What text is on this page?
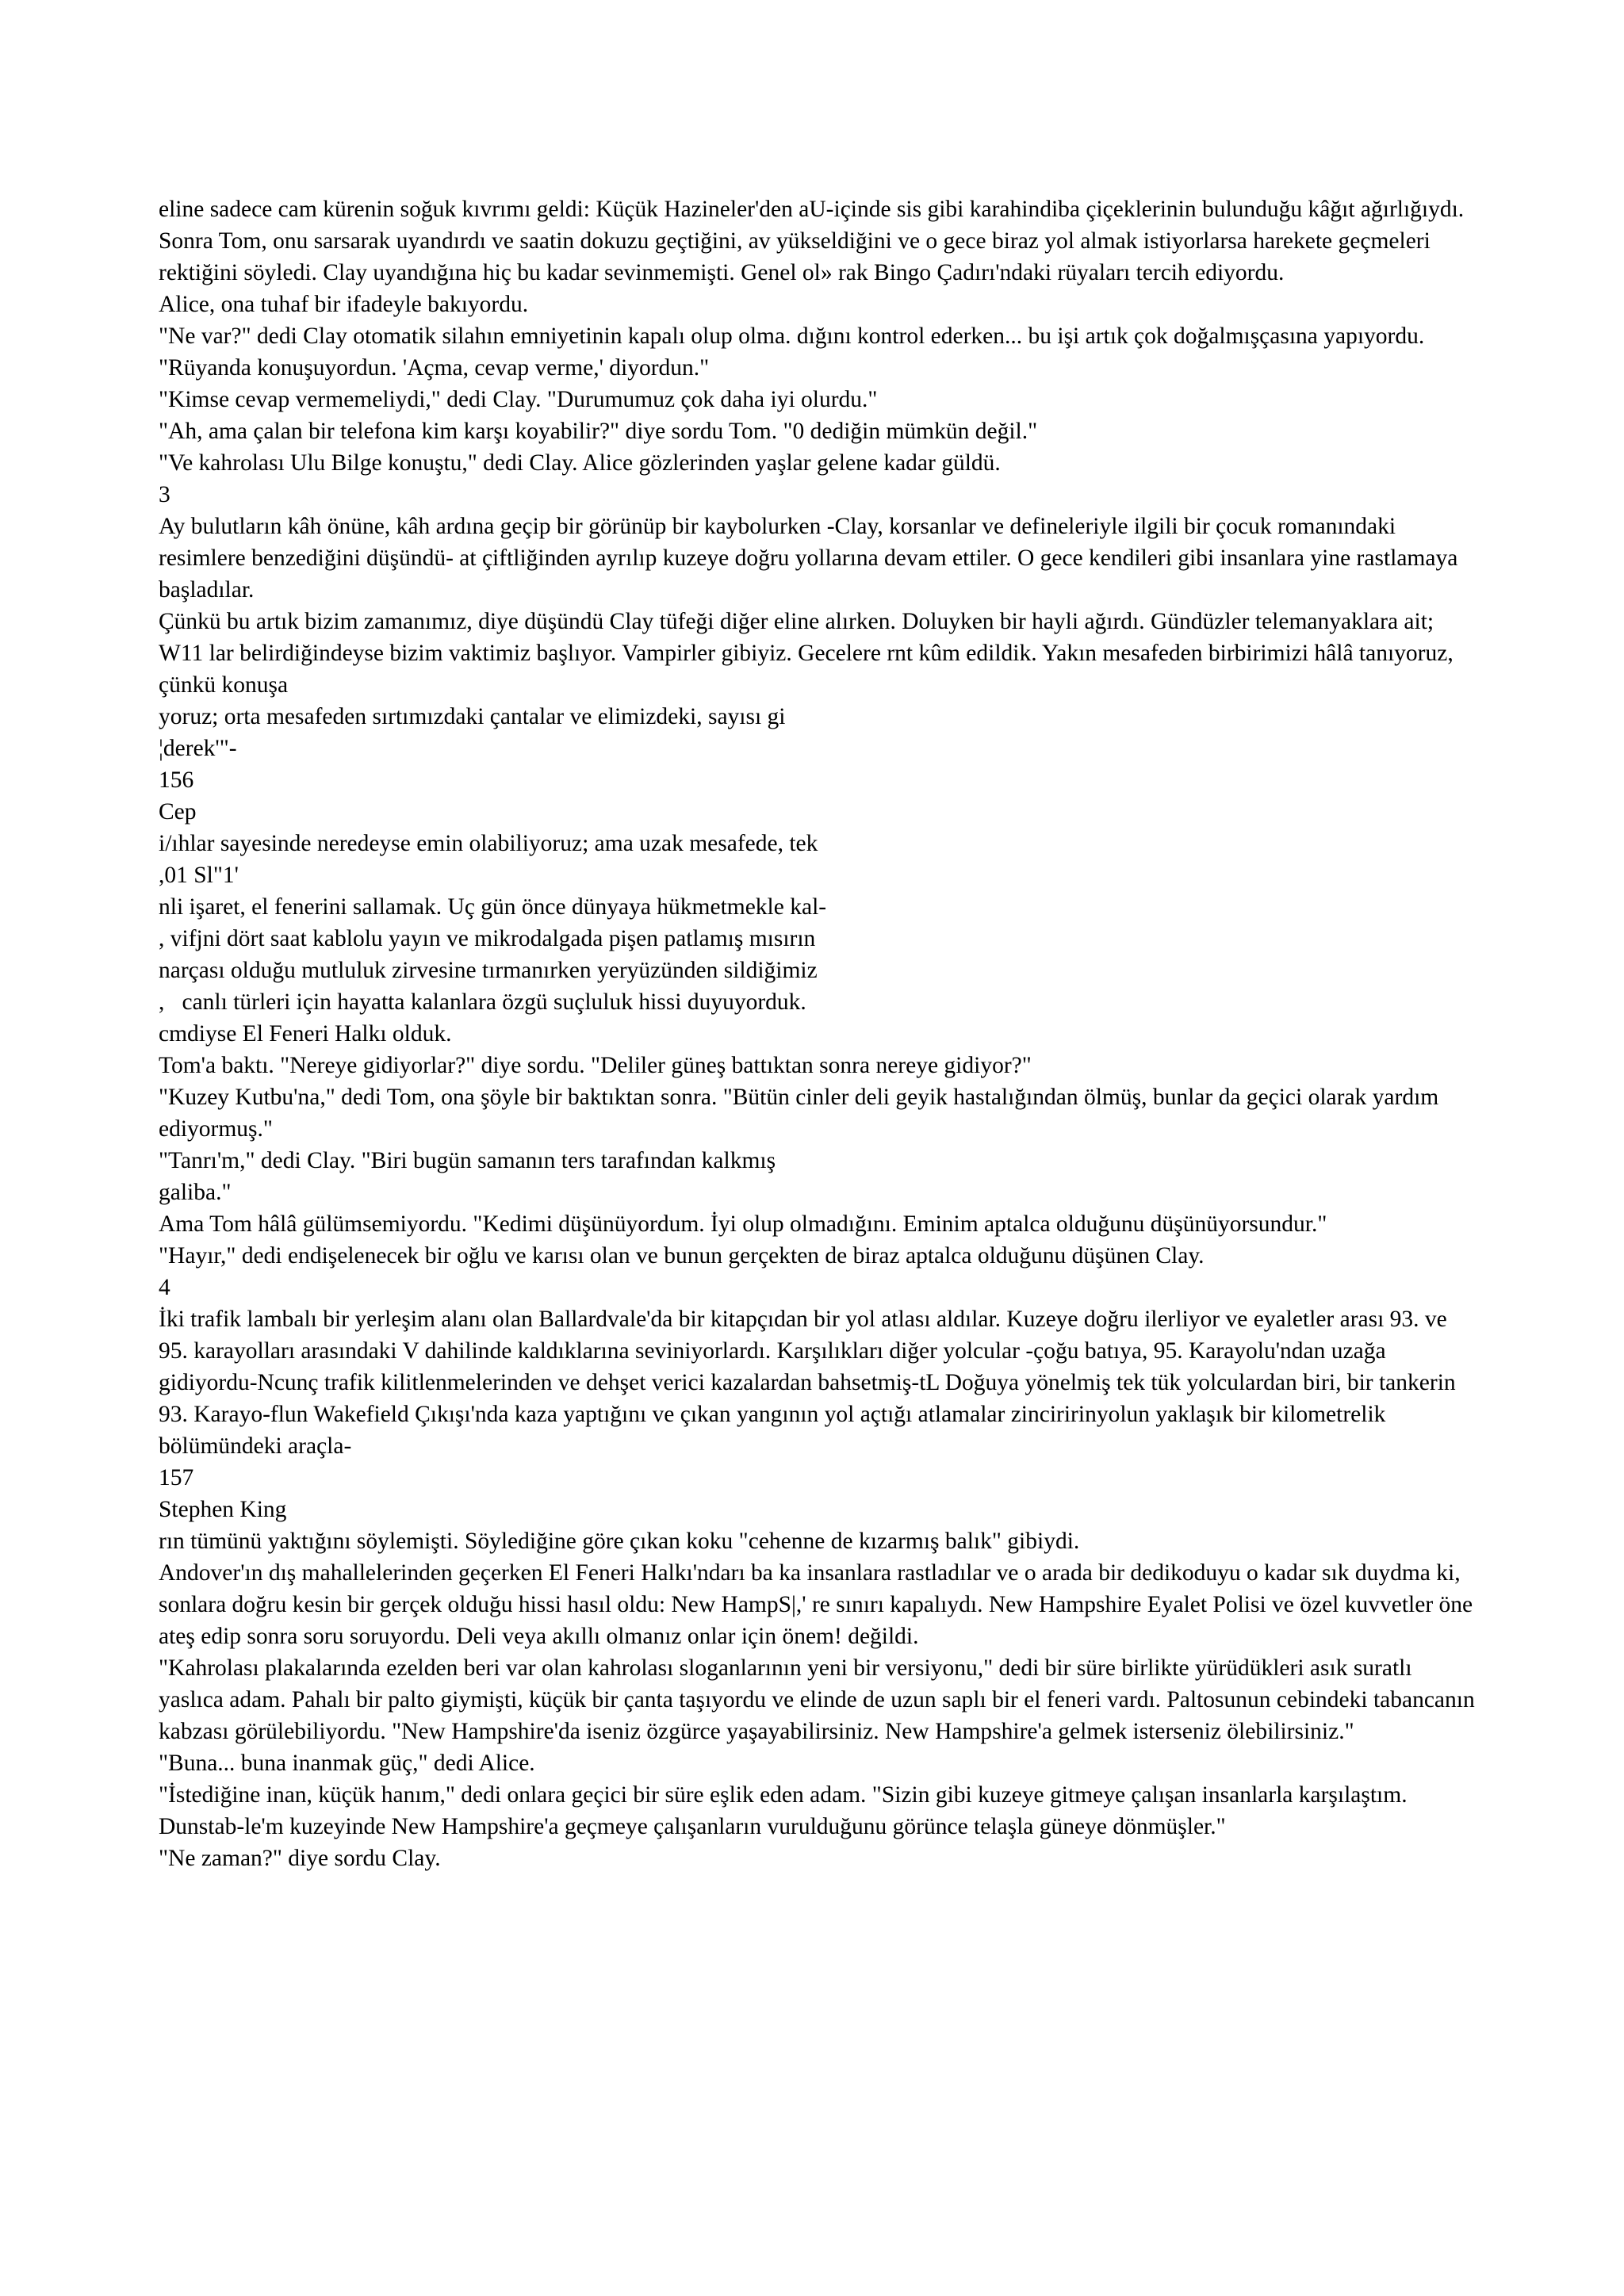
eline sadece cam kürenin soğuk kıvrımı geldi: Küçük Hazineler'den aU-içinde sis gibi karahindiba çiçeklerinin bulunduğu kâğıt ağırlığıydı.

Sonra Tom, onu sarsarak uyandırdı ve saatin dokuzu geçtiğini, av yükseldiğini ve o gece biraz yol almak istiyorlarsa harekete geçmeleri rektiğini söyledi. Clay uyandığına hiç bu kadar sevinmemişti. Genel ol» rak Bingo Çadırı'ndaki rüyaları tercih ediyordu.

Alice, ona tuhaf bir ifadeyle bakıyordu.

"Ne var?" dedi Clay otomatik silahın emniyetinin kapalı olup olma. dığını kontrol ederken... bu işi artık çok doğalmışçasına yapıyordu.

"Rüyanda konuşuyordun. 'Açma, cevap verme,' diyordun."

"Kimse cevap vermemeliydi," dedi Clay. "Durumumuz çok daha iyi olurdu."

"Ah, ama çalan bir telefona kim karşı koyabilir?" diye sordu Tom. "0 dediğin mümkün değil."

"Ve kahrolası Ulu Bilge konuştu," dedi Clay. Alice gözlerinden yaşlar gelene kadar güldü.

3

Ay bulutların kâh önüne, kâh ardına geçip bir görünüp bir kaybolurken -Clay, korsanlar ve defineleriyle ilgili bir çocuk romanındaki resimlere benzediğini düşündü- at çiftliğinden ayrılıp kuzeye doğru yollarına devam ettiler. O gece kendileri gibi insanlara yine rastlamaya başladılar.

Çünkü bu artık bizim zamanımız, diye düşündü Clay tüfeği diğer eline alırken. Doluyken bir hayli ağırdı. Gündüzler telemanyaklara ait; W11 lar belirdiğindeyse bizim vaktimiz başlıyor. Vampirler gibiyiz. Gecelere rnt kûm edildik. Yakın mesafeden birbirimizi hâlâ tanıyoruz, çünkü konuşa

yoruz; orta mesafeden sırtımızdaki çantalar ve elimizdeki, sayısı gi

¦derek'"-

156

Cep

i/ıhlar sayesinde neredeyse emin olabiliyoruz; ama uzak mesafede, tek

,01 Sl"1'

nli işaret, el fenerini sallamak. Uç gün önce dünyaya hükmetmekle kal-

, vifjni dört saat kablolu yayın ve mikrodalgada pişen patlamış mısırın

narçası olduğu mutluluk zirvesine tırmanırken yeryüzünden sildiğimiz

,   canlı türleri için hayatta kalanlara özgü suçluluk hissi duyuyorduk.

cmdiyse El Feneri Halkı olduk.

Tom'a baktı. "Nereye gidiyorlar?" diye sordu. "Deliler güneş battıktan sonra nereye gidiyor?"

"Kuzey Kutbu'na," dedi Tom, ona şöyle bir baktıktan sonra. "Bütün cinler deli geyik hastalığından ölmüş, bunlar da geçici olarak yardım ediyormuş."

"Tanrı'm," dedi Clay. "Biri bugün samanın ters tarafından kalkmış

galiba."

Ama Tom hâlâ gülümsemiyordu. "Kedimi düşünüyordum. İyi olup olmadığını. Eminim aptalca olduğunu düşünüyorsundur."

"Hayır," dedi endişelenecek bir oğlu ve karısı olan ve bunun gerçekten de biraz aptalca olduğunu düşünen Clay.

4

İki trafik lambalı bir yerleşim alanı olan Ballardvale'da bir kitapçıdan bir yol atlası aldılar. Kuzeye doğru ilerliyor ve eyaletler arası 93. ve 95. karayolları arasındaki V dahilinde kaldıklarına seviniyorlardı. Karşılıkları diğer yolcular -çoğu batıya, 95. Karayolu'ndan uzağa gidiyordu-Ncunç trafik kilitlenmelerinden ve dehşet verici kazalardan bahsetmiş-tL Doğuya yönelmiş tek tük yolculardan biri, bir tankerin 93. Karayo-flun Wakefield Çıkışı'nda kaza yaptığını ve çıkan yangının yol açtığı atlamalar zinciririnyolun yaklaşık bir kilometrelik bölümündeki araçla-

157

Stephen King

rın tümünü yaktığını söylemişti. Söylediğine göre çıkan koku "cehenne de kızarmış balık" gibiydi.

Andover'ın dış mahallelerinden geçerken El Feneri Halkı'ndarı ba ka insanlara rastladılar ve o arada bir dedikoduyu o kadar sık duydma ki, sonlara doğru kesin bir gerçek olduğu hissi hasıl oldu: New HampS|,' re sınırı kapalıydı. New Hampshire Eyalet Polisi ve özel kuvvetler öne ateş edip sonra soru soruyordu. Deli veya akıllı olmanız onlar için önem! değildi.

"Kahrolası plakalarında ezelden beri var olan kahrolası sloganlarının yeni bir versiyonu," dedi bir süre birlikte yürüdükleri asık suratlı yaslıca adam. Pahalı bir palto giymişti, küçük bir çanta taşıyordu ve elinde de uzun saplı bir el feneri vardı. Paltosunun cebindeki tabancanın kabzası görülebiliyordu. "New Hampshire'da iseniz özgürce yaşayabilirsiniz. New Hampshire'a gelmek isterseniz ölebilirsiniz."

"Buna... buna inanmak güç," dedi Alice.

"İstediğine inan, küçük hanım," dedi onlara geçici bir süre eşlik eden adam. "Sizin gibi kuzeye gitmeye çalışan insanlarla karşılaştım. Dunstab-le'm kuzeyinde New Hampshire'a geçmeye çalışanların vurulduğunu görünce telaşla güneye dönmüşler."

"Ne zaman?" diye sordu Clay.
